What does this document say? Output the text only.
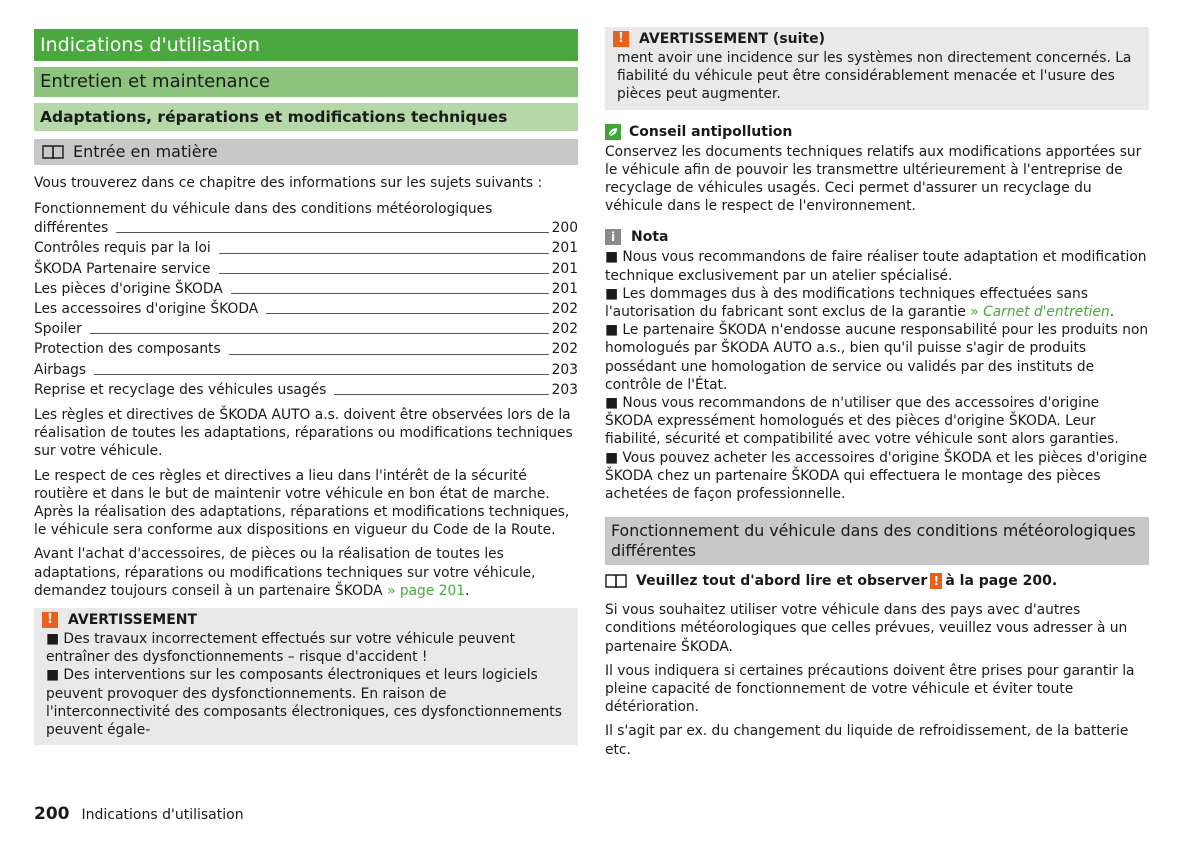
Indications d'utilisation
Entretien et maintenance
Adaptations, réparations et modifications techniques
Entrée en matière

Vous trouverez dans ce chapitre des informations sur les sujets suivants :

Fonctionnement du véhicule dans des conditions météorologiques
différentes	200
Contrôles requis par la loi	201
ŠKODA Partenaire service	201
Les pièces d'origine ŠKODA	201
Les accessoires d'origine ŠKODA	202
Spoiler	202
Protection des composants	202
Airbags	203
Reprise et recyclage des véhicules usagés	203

Les règles et directives de ŠKODA AUTO a.s. doivent être observées lors de la réalisation de toutes les adaptations, réparations ou modifications techniques sur votre véhicule.

Le respect de ces règles et directives a lieu dans l'intérêt de la sécurité routière et dans le but de maintenir votre véhicule en bon état de marche. Après la réalisation des adaptations, réparations et modifications techniques, le véhicule sera conforme aux dispositions en vigueur du Code de la Route.

Avant l'achat d'accessoires, de pièces ou la réalisation de toutes les adaptations, réparations ou modifications techniques sur votre véhicule, demandez toujours conseil à un partenaire ŠKODA » page 201.

!	AVERTISSEMENT

■ Des travaux incorrectement effectués sur votre véhicule peuvent entraîner des dysfonctionnements – risque d'accident !

■ Des interventions sur les composants électroniques et leurs logiciels peuvent provoquer des dysfonctionnements. En raison de l'interconnectivité des composants électroniques, ces dysfonctionnements peuvent égale-

!	AVERTISSEMENT (suite)

ment avoir une incidence sur les systèmes non directement concernés. La fiabilité du véhicule peut être considérablement menacée et l'usure des pièces peut augmenter.

Conseil antipollution

Conservez les documents techniques relatifs aux modifications apportées sur le véhicule afin de pouvoir les transmettre ultérieurement à l'entreprise de recyclage de véhicules usagés. Ceci permet d'assurer un recyclage du véhicule dans le respect de l'environnement.

i	Nota

■ Nous vous recommandons de faire réaliser toute adaptation et modification technique exclusivement par un atelier spécialisé.

■ Les dommages dus à des modifications techniques effectuées sans l'autorisation du fabricant sont exclus de la garantie » Carnet d'entretien.

■ Le partenaire ŠKODA n'endosse aucune responsabilité pour les produits non homologués par ŠKODA AUTO a.s., bien qu'il puisse s'agir de produits possédant une homologation de service ou validés par des instituts de contrôle de l'État.

■ Nous vous recommandons de n'utiliser que des accessoires d'origine ŠKODA expressément homologués et des pièces d'origine ŠKODA. Leur fiabilité, sécurité et compatibilité avec votre véhicule sont alors garanties.

■ Vous pouvez acheter les accessoires d'origine ŠKODA et les pièces d'origine ŠKODA chez un partenaire ŠKODA qui effectuera le montage des pièces achetées de façon professionnelle.

Fonctionnement du véhicule dans des conditions météorologiques différentes
Veuillez tout d'abord lire et observer ! à la page 200.

Si vous souhaitez utiliser votre véhicule dans des pays avec d'autres conditions météorologiques que celles prévues, veuillez vous adresser à un partenaire ŠKODA.

Il vous indiquera si certaines précautions doivent être prises pour garantir la pleine capacité de fonctionnement de votre véhicule et éviter toute détérioration.

Il s'agit par ex. du changement du liquide de refroidissement, de la batterie etc.

200 Indications d'utilisation
